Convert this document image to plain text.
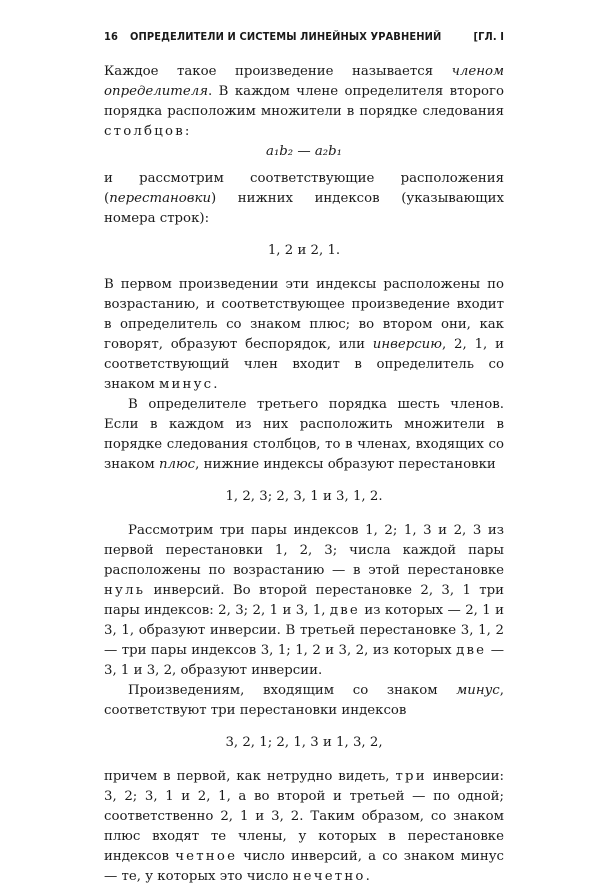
16 ОПРЕДЕЛИТЕЛИ И СИСТЕМЫ ЛИНЕЙНЫХ УРАВНЕНИЙ	[ГЛ. I

Каждое такое произведение называется членом определителя. В каждом члене определителя второго порядка расположим множители в порядке следования столбцов:

a₁b₂ — a₂b₁

и рассмотрим соответствующие расположения (перестановки) нижних индексов (указывающих номера строк):

1, 2 и 2, 1.

В первом произведении эти индексы расположены по возрастанию, и соответствующее произведение входит в определитель со знаком плюс; во втором они, как говорят, образуют беспорядок, или инверсию, 2, 1, и соответствующий член входит в определитель со знаком минус.

В определителе третьего порядка шесть членов. Если в каждом из них расположить множители в порядке следования столбцов, то в членах, входящих со знаком плюс, нижние индексы образуют перестановки

1, 2, 3; 2, 3, 1 и 3, 1, 2.

Рассмотрим три пары индексов 1, 2; 1, 3 и 2, 3 из первой перестановки 1, 2, 3; числа каждой пары расположены по возрастанию — в этой перестановке нуль инверсий. Во второй перестановке 2, 3, 1 три пары индексов: 2, 3; 2, 1 и 3, 1, две из которых — 2, 1 и 3, 1, образуют инверсии. В третьей перестановке 3, 1, 2 — три пары индексов 3, 1; 1, 2 и 3, 2, из которых две — 3, 1 и 3, 2, образуют инверсии.

Произведениям, входящим со знаком минус, соответствуют три перестановки индексов

3, 2, 1; 2, 1, 3 и 1, 3, 2,

причем в первой, как нетрудно видеть, три инверсии: 3, 2; 3, 1 и 2, 1, а во второй и третьей — по одной; соответственно 2, 1 и 3, 2. Таким образом, со знаком плюс входят те члены, у которых в перестановке индексов четное число инверсий, а со знаком минус — те, у которых это число нечетно.
